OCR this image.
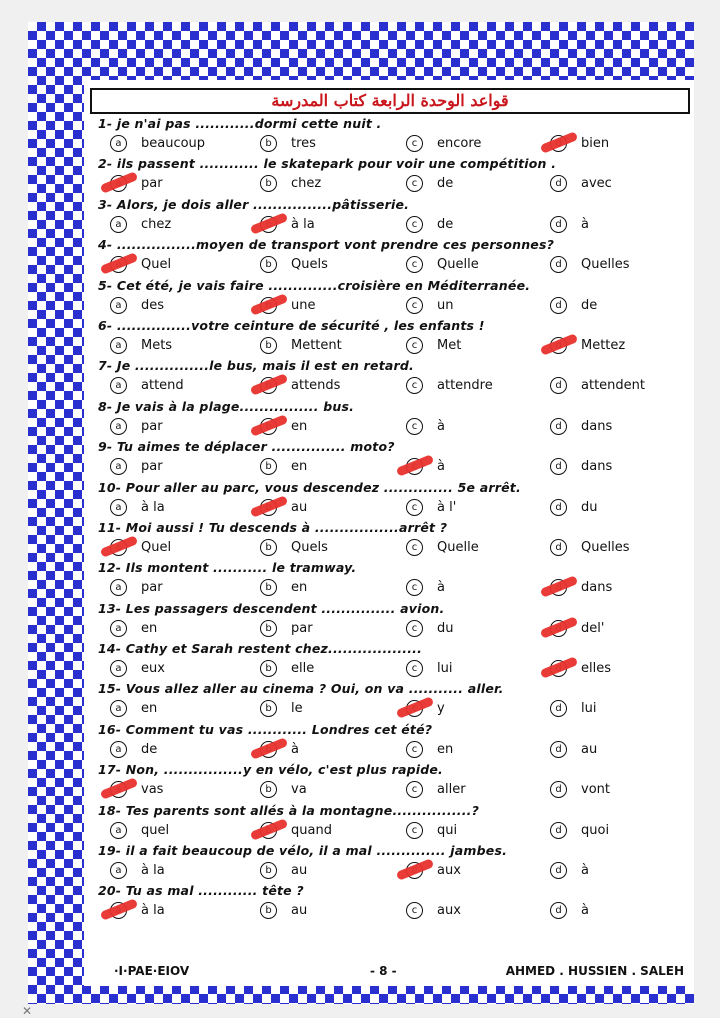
قواعد الوحدة الرابعة كتاب المدرسة
1- je n'ai pas ............dormi cette nuit .
a beaucoup	b tres	c encore	bien
2- ils passent ............ le skatepark pour voir une compétition .
par	b chez	c de	d avec
3- Alors, je dois aller ................pâtisserie.
a chez	à la	c de	d à
4- ................moyen de transport vont prendre ces personnes?
Quel	b Quels	c Quelle	d Quelles
5- Cet été, je vais faire ..............croisière en Méditerranée.
a des	une	c un	d de
6- ...............votre ceinture de sécurité , les enfants !
a Mets	b Mettent	c Met	Mettez
7- Je ...............le bus, mais il est en retard.
a attend	attends	c attendre	d attendent
8- Je vais à la plage................ bus.
a par	en	c à	d dans
9- Tu aimes te déplacer ............... moto?
a par	b en	à	d dans
10- Pour aller au parc, vous descendez .............. 5e arrêt.
a à la	au	c à l'	d du
11- Moi aussi ! Tu descends à .................arrêt ?
Quel	b Quels	c Quelle	d Quelles
12- Ils montent ........... le tramway.
a par	b en	c à	dans
13- Les passagers descendent ............... avion.
a en	b par	c du	del'
14- Cathy et Sarah restent chez...................
a eux	b elle	c lui	elles
15- Vous allez aller au cinema ? Oui, on va ........... aller.
a en	b le	y	d lui
16- Comment tu vas ............ Londres cet été?
a de	à	c en	d au
17- Non, ................y en vélo, c'est plus rapide.
vas	b va	c aller	d vont
18- Tes parents sont allés à la montagne................?
a quel	quand	c qui	d quoi
19- il a fait beaucoup de vélo, il a mal .............. jambes.
a à la	b au	aux	d à
20- Tu as mal ............ tête ?
à la	b au	c aux	d à
·I·PAE·EIOV	- 8 -	AHMED . HUSSIEN . SALEH
✕
